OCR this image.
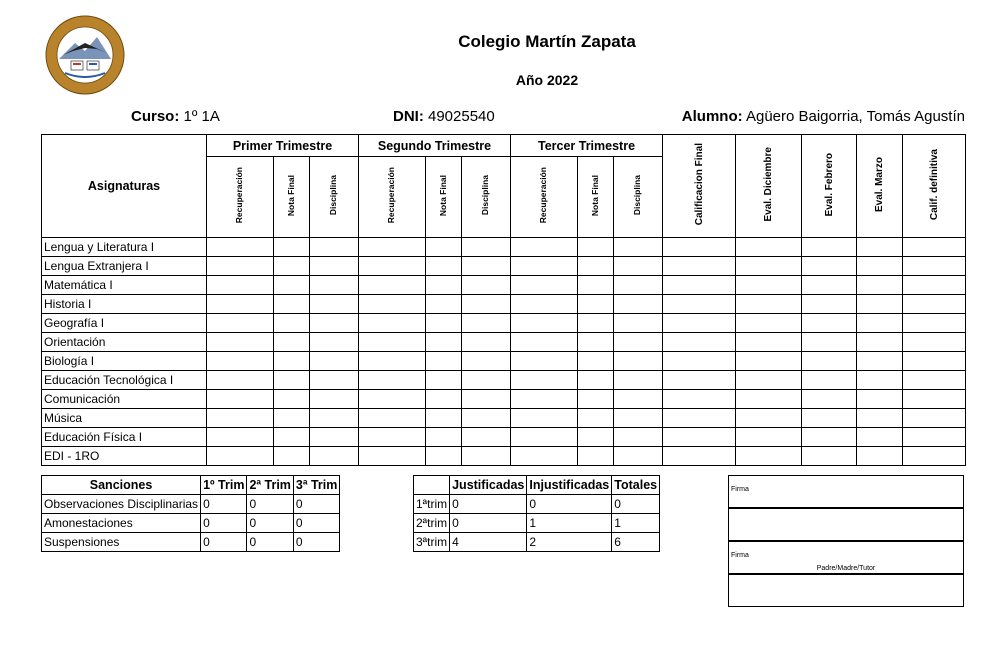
Colegio Martín Zapata
Año 2022
Curso: 1º 1A	DNI: 49025540	Alumno: Agüero Baigorria, Tomás Agustín
Asignaturas	Primer Trimestre			Segundo Trimestre			Tercer Trimestre			Calificacion Final	Eval. Diciembre	Eval. Febrero	Eval. Marzo	Calif. definitiva
	Recuperación	Nota Final	Disciplina	Recuperación	Nota Final	Disciplina	Recuperación	Nota Final	Disciplina					
Lengua y Literatura I														
Lengua Extranjera I														
Matemática I														
Historia I														
Geografía I														
Orientación														
Biología I														
Educación Tecnológica I														
Comunicación														
Música														
Educación Física I														
EDI - 1RO														
Sanciones	1º Trim	2ª Trim	3ª Trim
Observaciones Disciplinarias	0	0	0
Amonestaciones	0	0	0
Suspensiones	0	0	0
	Justificadas	Injustificadas	Totales
1ªtrim	0	0	0
2ªtrim	0	1	1
3ªtrim	4	2	6
Firma
Firma
Padre/Madre/Tutor
